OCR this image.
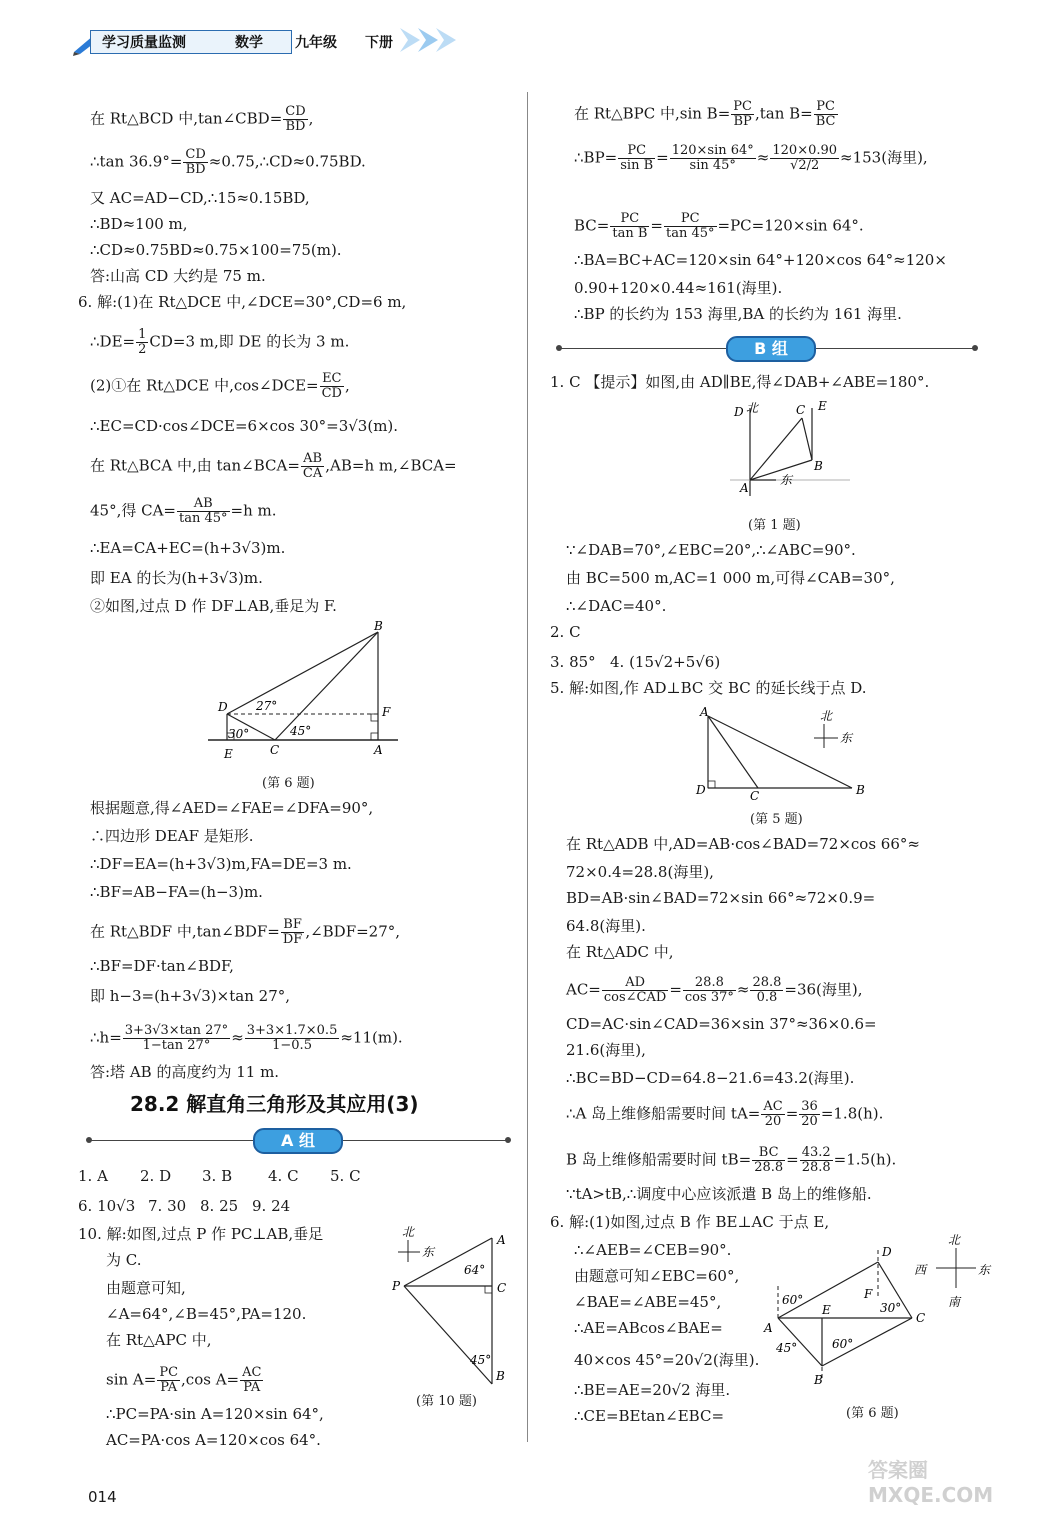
学习质量监测	数学 九年级 下册
在 Rt△BCD 中,tan∠CBD= $\frac{CD}{BD}$ ,
∴tan $36.9^\circ= \frac{CD}{BD}$ ≈0.75,∴CD≈0.75BD.
又 AC=AD−CD,∴15≈0.15BD,
∴BD≈100 m,
∴CD≈0.75BD≈0.75×100=75(m).
答:山高 CD 大约是 75 m.
6. 解:(1)在 Rt△DCE 中,∠DCE=30°,CD=6 m,
∴DE= $\frac{1}{2} CD=3$ m,即 DE 的长为 3 m.
(2)①在 Rt△DCE 中,cos∠DCE= $\frac{EC}{CD}$ ,
∴EC=CD·cos∠DCE=6×cos 30°=3√3(m).
在 Rt△BCA 中,由 tan∠BCA= $\frac{AB}{CA} ,AB=h$ m,∠BCA=
45°,得 $CA= \frac{AB}{\tan 45^\circ} =h$ m.
∴EA=CA+EC=(h+3√3)m.
即 EA 的长为(h+3√3)m.
②如图,过点 D 作 DF⊥AB,垂足为 F.
B
F
D
E	C	A
27°
45°
30°
(第 6 题)
根据题意,得∠AED=∠FAE=∠DFA=90°,
∴四边形 DEAF 是矩形.
∴DF=EA=(h+3√3)m,FA=DE=3 m.
∴BF=AB−FA=(h−3)m.
在 Rt△BDF 中,tan∠BDF= $\frac{BF}{DF}$ ,∠BDF=27°,
∴BF=DF·tan∠BDF,
即 h−3=(h+3√3)×tan 27°,
∴h= $\frac{3+3√3\times\tan 27^\circ}{1-\tan 27^\circ} \approx \frac{3+3\times 1.7\times 0.5}{1-0.5} \approx 11(m)$.
答:塔 AB 的高度约为 11 m.
28.2 解直角三角形及其应用(3)
A 组
1. A 2. D 3. B 4. C 5. C
6. 10√3 7. 30 8. 25 9. 24
10. 解:如图,过点 P 作 PC⊥AB,垂足
为 C.
由题意可知,
∠A=64°,∠B=45°,PA=120.
在 Rt△APC 中,
$\sin A= \frac{PC}{PA} ,\cos$ $A= \frac{AC}{PA}$
∴PC=PA·sin A=120×sin 64°,
AC=PA·cos A=120×cos 64°.
北
东
A
C
B
P
64°
45°
(第 10 题)
在 Rt△BPC 中,sin $B= \frac{PC}{BP} ,\tan$ $B= \frac{PC}{BC}$
∴BP= $\frac{PC}{\text{sin B}} = \frac{120\times\sin 64^\circ}{\sin 45^\circ} \approx \frac{120\times 0.90}{√2/2} \approx 153$(海里),
$BC= \frac{PC}{\text{tan B}} = \frac{PC}{\tan 45^\circ} =PC=120\times\sin$ 64°.
∴BA=BC+AC=120×sin 64°+120×cos 64°≈120×
0.90+120×0.44≈161(海里).
∴BP 的长约为 153 海里,BA 的长约为 161 海里.
B 组
1. C 【提示】如图,由 AD∥BE,得∠DAB+∠ABE=180°.
D 北
东
C E
B
A
(第 1 题)
∵∠DAB=70°,∠EBC=20°,∴∠ABC=90°.
由 BC=500 m,AC=1 000 m,可得∠CAB=30°,
∴∠DAC=40°.
2. C
3. 85° 4. (15√2+5√6)
5. 解:如图,作 AD⊥BC 交 BC 的延长线于点 D.
北
东
A
D	C	B
(第 5 题)
在 Rt△ADB 中,AD=AB·cos∠BAD=72×cos 66°≈
72×0.4=28.8(海里),
BD=AB·sin∠BAD=72×sin 66°≈72×0.9=
64.8(海里).
在 Rt△ADC 中,
AC=	AD
cos∠CAD = $\frac{28.8}{\cos 37^\circ} \approx \frac{28.8}{0.8} =36$(海里),
CD=AC·sin∠CAD=36×sin 37°≈36×0.6=
21.6(海里),
∴BC=BD−CD=64.8−21.6=43.2(海里).
∴A 岛上维修船需要时间 $tA= \frac{AC}{20} = \frac{36}{20} =1.8(h)$.
B 岛上维修船需要时间 $tB= \frac{BC}{28.8} = \frac{43.2}{28.8} =1.5(h)$.
∵tA>tB,∴调度中心应该派遣 B 岛上的维修船.
6. 解:(1)如图,过点 B 作 BE⊥AC 于点 E,
∴∠AEB=∠CEB=90°.
由题意可知∠EBC=60°,
∠BAE=∠ABE=45°,
∴AE=ABcos∠BAE=
40×cos 45°=20√2(海里).
∴BE=AE=20√2 海里.
∴CE=BEtan∠EBC=
北
西	东
南
D
A
E
F
C
B
60°
30°
45°	60°
(第 6 题)
014
答案圈 MXQE.COM
